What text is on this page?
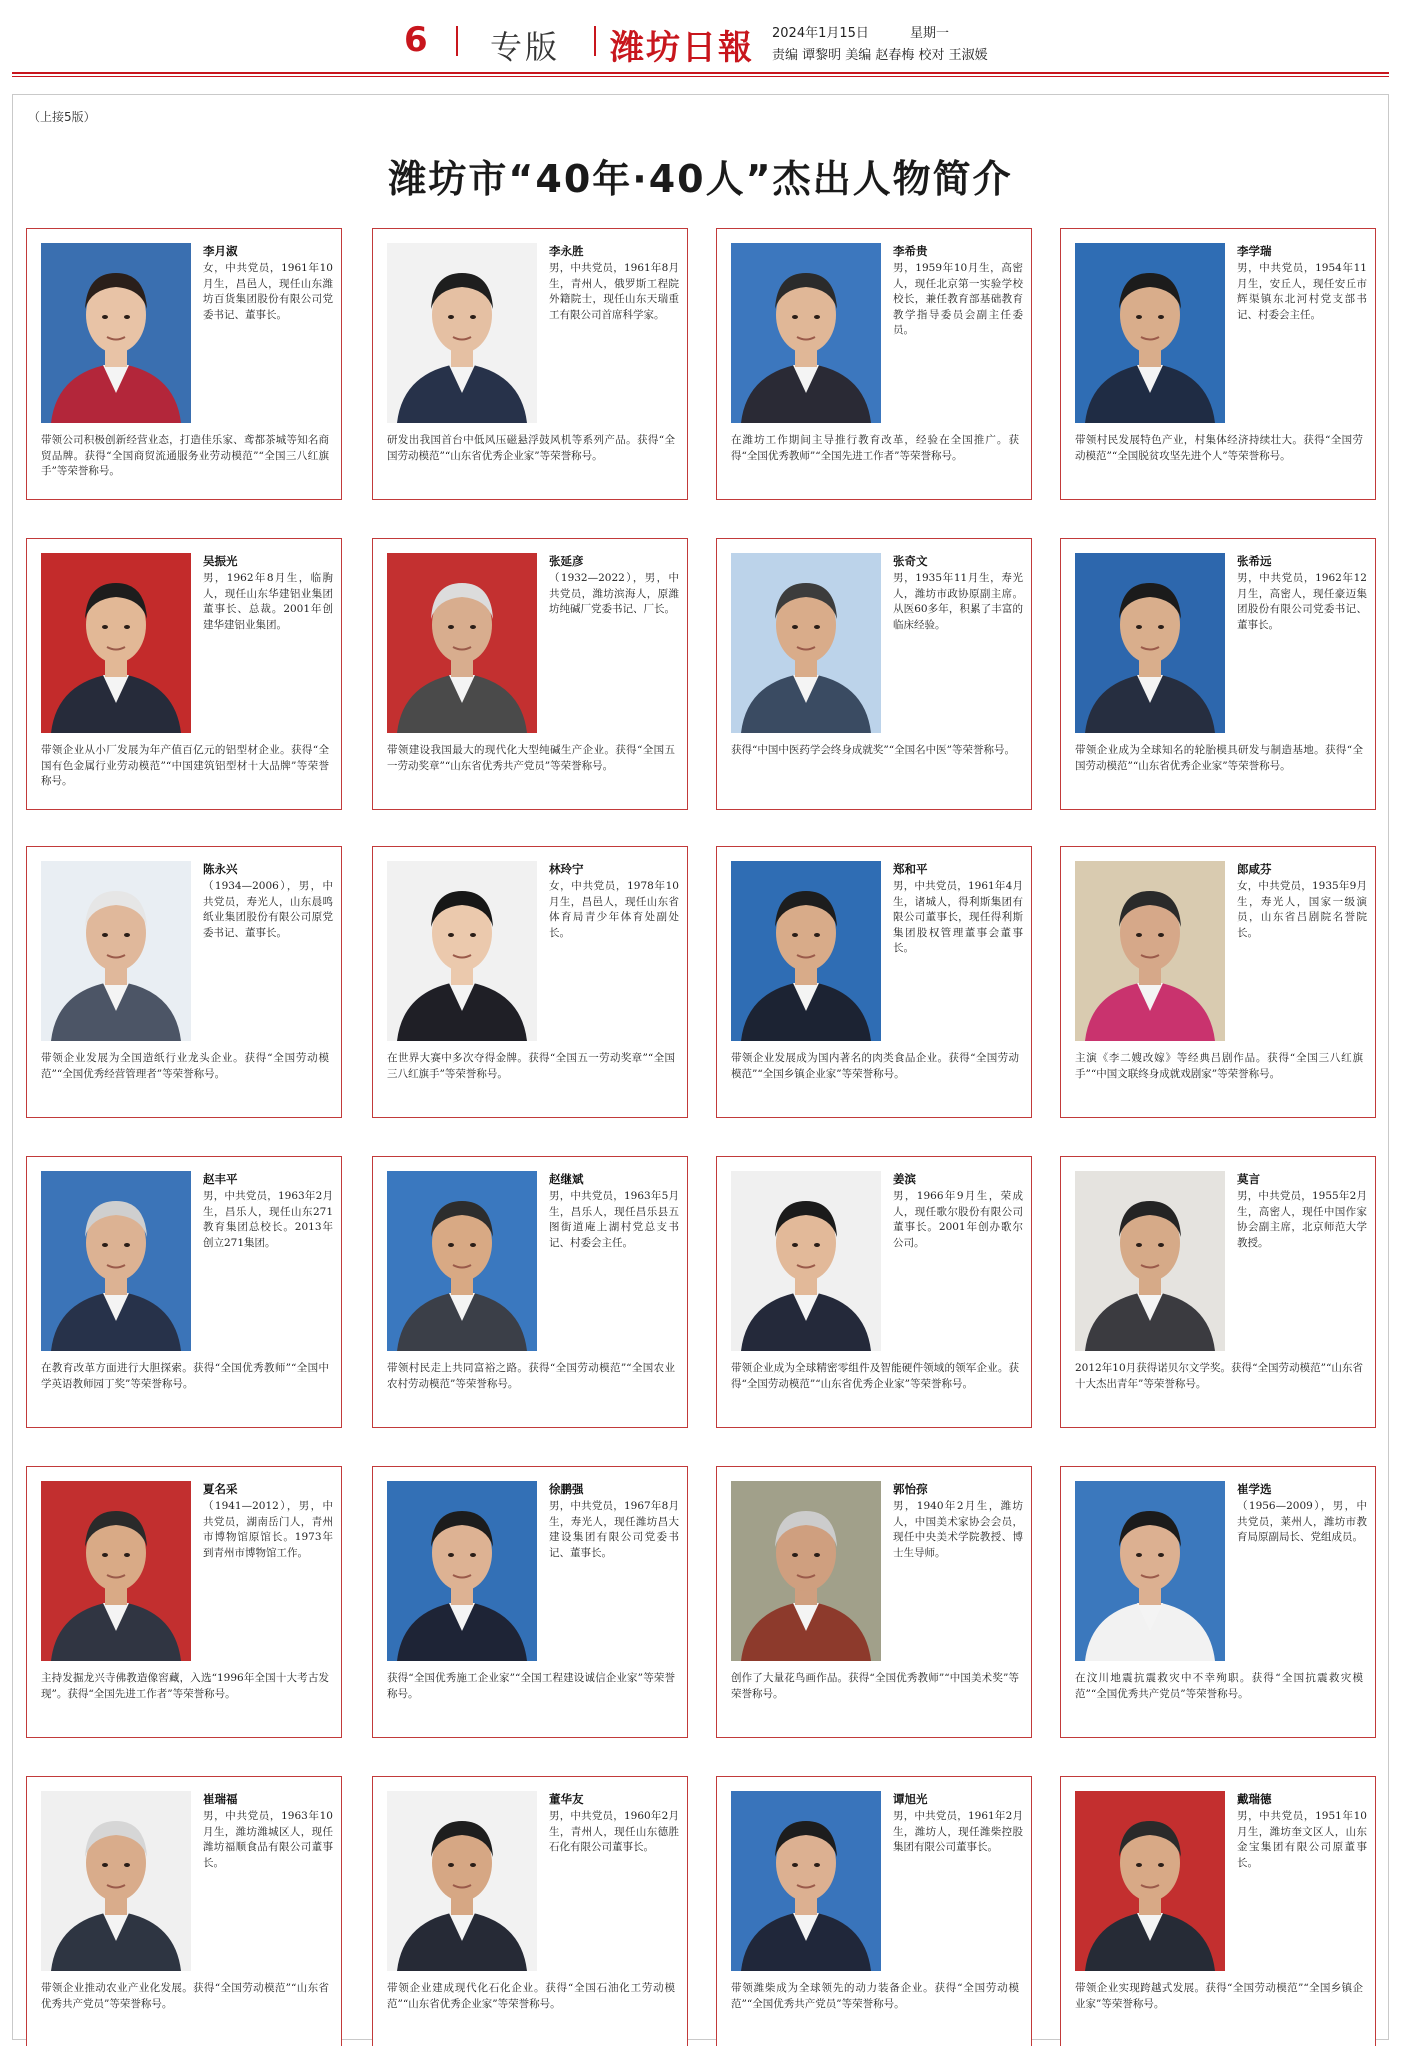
6 专版 潍坊日報 2024年1月15日	星期一
责编 谭黎明 美编 赵春梅 校对 王淑媛
（上接5版）
潍坊市“40年·40人”杰出人物简介
李月淑
女，中共党员，1961年10月生，昌邑人，现任山东潍坊百货集团股份有限公司党委书记、董事长。
带领公司积极创新经营业态，打造佳乐家、鸢都茶城等知名商贸品牌。获得“全国商贸流通服务业劳动模范”“全国三八红旗手”等荣誉称号。
李永胜
男，中共党员，1961年8月生，青州人，俄罗斯工程院外籍院士，现任山东天瑞重工有限公司首席科学家。
研发出我国首台中低风压磁悬浮鼓风机等系列产品。获得“全国劳动模范”“山东省优秀企业家”等荣誉称号。
李希贵
男，1959年10月生，高密人，现任北京第一实验学校校长，兼任教育部基础教育教学指导委员会副主任委员。
在潍坊工作期间主导推行教育改革，经验在全国推广。获得“全国优秀教师”“全国先进工作者”等荣誉称号。
李学瑞
男，中共党员，1954年11月生，安丘人，现任安丘市辉渠镇东北河村党支部书记、村委会主任。
带领村民发展特色产业，村集体经济持续壮大。获得“全国劳动模范”“全国脱贫攻坚先进个人”等荣誉称号。
吴振光
男，1962年8月生，临朐人，现任山东华建铝业集团董事长、总裁。2001年创建华建铝业集团。
带领企业从小厂发展为年产值百亿元的铝型材企业。获得“全国有色金属行业劳动模范”“中国建筑铝型材十大品牌”等荣誉称号。
张延彦
（1932—2022），男，中共党员，潍坊滨海人，原潍坊纯碱厂党委书记、厂长。
带领建设我国最大的现代化大型纯碱生产企业。获得“全国五一劳动奖章”“山东省优秀共产党员”等荣誉称号。
张奇文
男，1935年11月生，寿光人，潍坊市政协原副主席。从医60多年，积累了丰富的临床经验。
获得“中国中医药学会终身成就奖”“全国名中医”等荣誉称号。
张希远
男，中共党员，1962年12月生，高密人，现任豪迈集团股份有限公司党委书记、董事长。
带领企业成为全球知名的轮胎模具研发与制造基地。获得“全国劳动模范”“山东省优秀企业家”等荣誉称号。
陈永兴
（1934—2006），男，中共党员，寿光人，山东晨鸣纸业集团股份有限公司原党委书记、董事长。
带领企业发展为全国造纸行业龙头企业。获得“全国劳动模范”“全国优秀经营管理者”等荣誉称号。
林玲宁
女，中共党员，1978年10月生，昌邑人，现任山东省体育局青少年体育处副处长。
在世界大赛中多次夺得金牌。获得“全国五一劳动奖章”“全国三八红旗手”等荣誉称号。
郑和平
男，中共党员，1961年4月生，诸城人，得利斯集团有限公司董事长，现任得利斯集团股权管理董事会董事长。
带领企业发展成为国内著名的肉类食品企业。获得“全国劳动模范”“全国乡镇企业家”等荣誉称号。
郎咸芬
女，中共党员，1935年9月生，寿光人，国家一级演员，山东省吕剧院名誉院长。
主演《李二嫂改嫁》等经典吕剧作品。获得“全国三八红旗手”“中国文联终身成就戏剧家”等荣誉称号。
赵丰平
男，中共党员，1963年2月生，昌乐人，现任山东271教育集团总校长。2013年创立271集团。
在教育改革方面进行大胆探索。获得“全国优秀教师”“全国中学英语教师园丁奖”等荣誉称号。
赵继斌
男，中共党员，1963年5月生，昌乐人，现任昌乐县五图街道庵上湖村党总支书记、村委会主任。
带领村民走上共同富裕之路。获得“全国劳动模范”“全国农业农村劳动模范”等荣誉称号。
姜滨
男，1966年9月生，荣成人，现任歌尔股份有限公司董事长。2001年创办歌尔公司。
带领企业成为全球精密零组件及智能硬件领域的领军企业。获得“全国劳动模范”“山东省优秀企业家”等荣誉称号。
莫言
男，中共党员，1955年2月生，高密人，现任中国作家协会副主席，北京师范大学教授。
2012年10月获得诺贝尔文学奖。获得“全国劳动模范”“山东省十大杰出青年”等荣誉称号。
夏名采
（1941—2012），男，中共党员，湖南岳门人，青州市博物馆原馆长。1973年到青州市博物馆工作。
主持发掘龙兴寺佛教造像窖藏，入选“1996年全国十大考古发现”。获得“全国先进工作者”等荣誉称号。
徐鹏强
男，中共党员，1967年8月生，寿光人，现任潍坊昌大建设集团有限公司党委书记、董事长。
获得“全国优秀施工企业家”“全国工程建设诚信企业家”等荣誉称号。
郭怡孮
男，1940年2月生，潍坊人，中国美术家协会会员，现任中央美术学院教授、博士生导师。
创作了大量花鸟画作品。获得“全国优秀教师”“中国美术奖”等荣誉称号。
崔学选
（1956—2009），男，中共党员，莱州人，潍坊市教育局原副局长、党组成员。
在汶川地震抗震救灾中不幸殉职。获得“全国抗震救灾模范”“全国优秀共产党员”等荣誉称号。
崔瑞福
男，中共党员，1963年10月生，潍坊潍城区人，现任潍坊福顺食品有限公司董事长。
带领企业推动农业产业化发展。获得“全国劳动模范”“山东省优秀共产党员”等荣誉称号。
董华友
男，中共党员，1960年2月生，青州人，现任山东德胜石化有限公司董事长。
带领企业建成现代化石化企业。获得“全国石油化工劳动模范”“山东省优秀企业家”等荣誉称号。
谭旭光
男，中共党员，1961年2月生，潍坊人，现任潍柴控股集团有限公司董事长。
带领潍柴成为全球领先的动力装备企业。获得“全国劳动模范”“全国优秀共产党员”等荣誉称号。
戴瑞德
男，中共党员，1951年10月生，潍坊奎文区人，山东金宝集团有限公司原董事长。
带领企业实现跨越式发展。获得“全国劳动模范”“全国乡镇企业家”等荣誉称号。
